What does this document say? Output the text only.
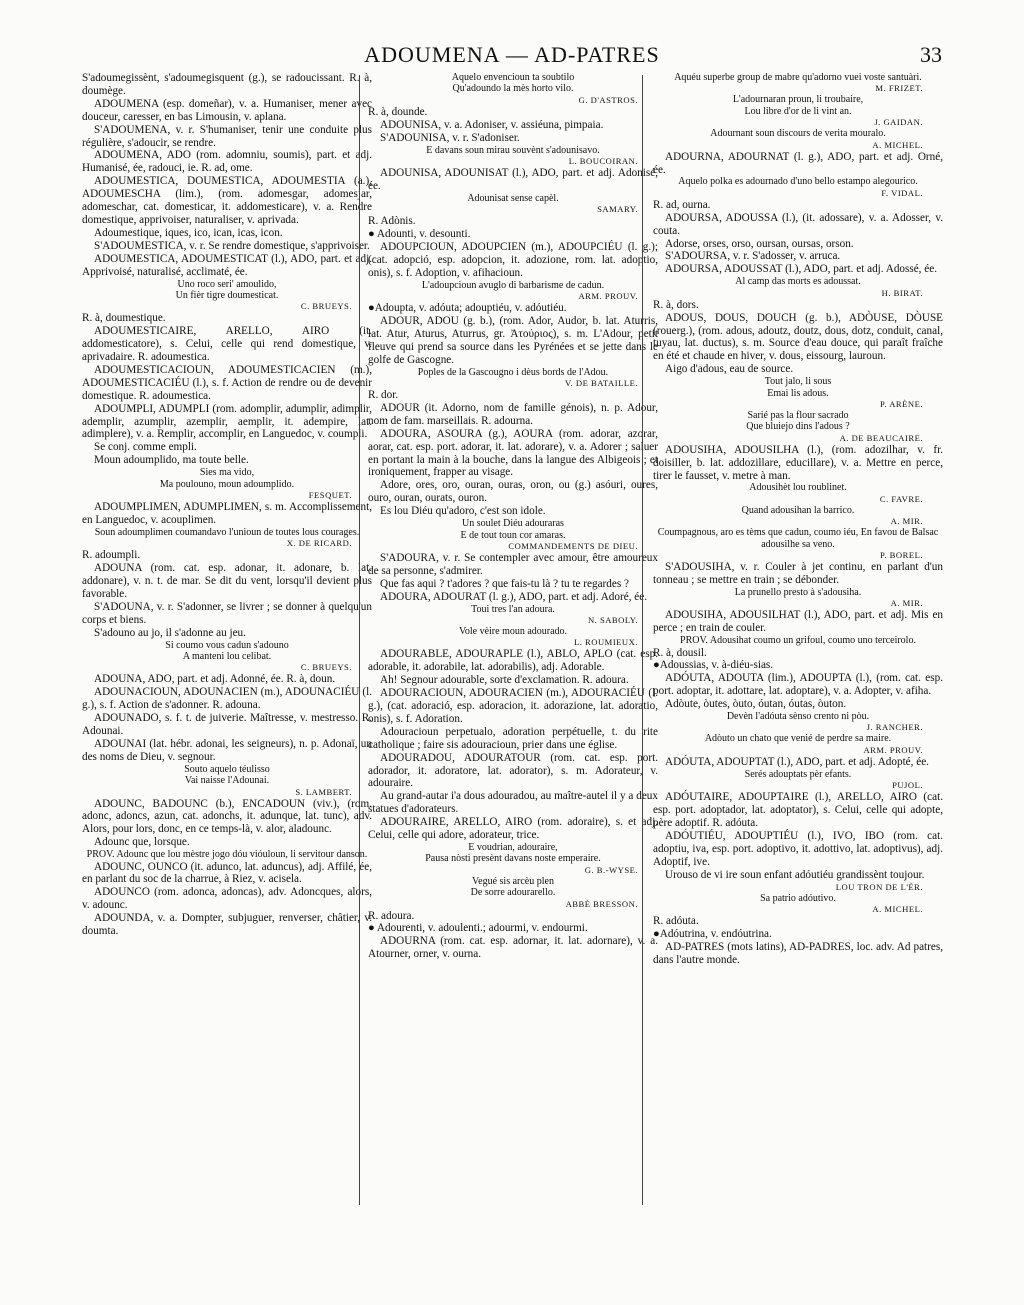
ADOUMENA — AD-PATRES	33

S'adoumegissènt, s'adoumegisquent (g.), se radoucissant. R. à, doumège.

ADOUMENA (esp. domeñar), v. a. Humaniser, mener avec douceur, caresser, en bas Limousin, v. aplana.

S'ADOUMENA, v. r. S'humaniser, tenir une conduite plus régulière, s'adoucir, se rendre.

ADOUMENA, ADO (rom. adomniu, soumis), part. et adj. Humanisé, ée, radouci, ie. R. ad, ome.

ADOUMESTICA, DOUMESTICA, ADOUMESTIA (a.), ADOUMESCHA (lim.), (rom. adomesgar, adomesjar, adomeschar, cat. domesticar, it. addomesticare), v. a. Rendre domestique, apprivoiser, naturaliser, v. aprivada.

Adoumestique, iques, ico, ican, icas, icon.

S'ADOUMESTICA, v. r. Se rendre domestique, s'apprivoiser.

ADOUMESTICA, ADOUMESTICAT (l.), ADO, part. et adj. Apprivoisé, naturalisé, acclimaté, ée.

Uno roco seri' amoulido,

Un fièr tigre doumesticat.

C. BRUEYS.

R. à, doumestique.

ADOUMESTICAIRE, ARELLO, AIRO (it. addomesticatore), s. Celui, celle qui rend domestique, v. aprivadaire. R. adoumestica.

ADOUMESTICACIOUN, ADOUMESTICACIEN (m.), ADOUMESTICACIÉU (l.), s. f. Action de rendre ou de devenir domestique. R. adoumestica.

ADOUMPLI, ADUMPLI (rom. adomplir, adumplir, adimplir, ademplir, azumplir, azemplir, aemplir, it. adempire, lat. adimplere), v. a. Remplir, accomplir, en Languedoc, v. coumpli.

Se conj. comme empli.

Moun adoumplido, ma toute belle.

Sies ma vido,

Ma poulouno, moun adoumplido.

FESQUET.

ADOUMPLIMEN, ADUMPLIMEN, s. m. Accomplissement, en Languedoc, v. acouplimen.

Soun adoumplimen coumandavo l'unioun de toutes lous courages.

X. DE RICARD.

R. adoumpli.

ADOUNA (rom. cat. esp. adonar, it. adonare, b. lat. addonare), v. n. t. de mar. Se dit du vent, lorsqu'il devient plus favorable.

S'ADOUNA, v. r. S'adonner, se livrer ; se donner à quelqu'un corps et biens.

S'adouno au jo, il s'adonne au jeu.

Si coumo vous cadun s'adouno

A manteni lou celibat.

C. BRUEYS.

ADOUNA, ADO, part. et adj. Adonné, ée. R. à, doun.

ADOUNACIOUN, ADOUNACIEN (m.), ADOUNACIÉU (l. g.), s. f. Action de s'adonner. R. adouna.

ADOUNADO, s. f. t. de juiverie. Maîtresse, v. mestresso. R. Adounai.

ADOUNAI (lat. hébr. adonai, les seigneurs), n. p. Adonaï, un des noms de Dieu, v. segnour.

Souto aquelo téulisso

Vai naisse l'Adounai.

S. LAMBERT.

ADOUNC, BADOUNC (b.), ENCADOUN (viv.), (rom. adonc, adoncs, azun, cat. adonchs, it. adunque, lat. tunc), adv. Alors, pour lors, donc, en ce temps-là, v. alor, aladounc.

Adounc que, lorsque.

PROV. Adounc que lou mèstre jogo dóu vióuloun, li servitour danson.

ADOUNC, OUNCO (it. adunco, lat. aduncus), adj. Affilé, ée, en parlant du soc de la charrue, à Riez, v. acisela.

ADOUNCO (rom. adonca, adoncas), adv. Adoncques, alors, v. adounc.

ADOUNDA, v. a. Dompter, subjuguer, renverser, châtier, v. doumta.

Aquelo envencioun ta soubtilo

Qu'adoundo la mès horto vilo.

G. D'ASTROS.

R. à, dounde.

ADOUNISA, v. a. Adoniser, v. assiéuna, pimpaia.

S'ADOUNISA, v. r. S'adoniser.

E davans soun mirau souvènt s'adounisavo.

L. BOUCOIRAN.

ADOUNISA, ADOUNISAT (l.), ADO, part. et adj. Adonisé, ée.

Adounisat sense capèl.

SAMARY.

R. Adònis.

● Adounti, v. desounti.

ADOUPCIOUN, ADOUPCIEN (m.), ADOUPCIÉU (l. g.); (cat. adopció, esp. adopcion, it. adozione, rom. lat. adoptio, onis), s. f. Adoption, v. afihacioun.

L'adoupcioun avuglo di barbarisme de cadun.

ARM. PROUV.

●Adoupta, v. adóuta; adouptiéu, v. adóutiéu.

ADOUR, ADOU (g. b.), (rom. Ador, Audor, b. lat. Aturris, lat. Atur, Aturus, Aturrus, gr. Ἀτούριος), s. m. L'Adour, petit fleuve qui prend sa source dans les Pyrénées et se jette dans le golfe de Gascogne.

Poples de la Gascougno i dèus bords de l'Adou.

V. DE BATAILLE.

R. dor.

ADOUR (it. Adorno, nom de famille génois), n. p. Adour, nom de fam. marseillais. R. adourna.

ADOURA, ASOURA (g.), AOURA (rom. adorar, azorar, aorar, cat. esp. port. adorar, it. lat. adorare), v. a. Adorer ; saluer en portant la main à la bouche, dans la langue des Albigeois ; et ironiquement, frapper au visage.

Adore, ores, oro, ouran, ouras, oron, ou (g.) asóuri, oures, ouro, ouran, ourats, ouron.

Es lou Diéu qu'adoro, c'est son idole.

Un soulet Diéu adouraras

E de tout toun cor amaras.

COMMANDEMENTS DE DIEU.

S'ADOURA, v. r. Se contempler avec amour, être amoureux de sa personne, s'admirer.

Que fas aqui ? t'adores ? que fais-tu là ? tu te regardes ?

ADOURA, ADOURAT (l. g.), ADO, part. et adj. Adoré, ée.

Toui tres l'an adoura.

N. SABOLY.

Vole vèire moun adourado.

L. ROUMIEUX.

ADOURABLE, ADOURAPLE (l.), ABLO, APLO (cat. esp. adorable, it. adorabile, lat. adorabilis), adj. Adorable.

Ah! Segnour adourable, sorte d'exclamation. R. adoura.

ADOURACIOUN, ADOURACIEN (m.), ADOURACIÉU (l. g.), (cat. adoració, esp. adoracion, it. adorazione, lat. adoratio, onis), s. f. Adoration.

Adouracioun perpetualo, adoration perpétuelle, t. du rite catholique ; faire sis adouracioun, prier dans une église.

ADOURADOU, ADOURATOUR (rom. cat. esp. port. adorador, it. adoratore, lat. adorator), s. m. Adorateur, v. adouraire.

Au grand-autar i'a dous adouradou, au maître-autel il y a deux statues d'adorateurs.

ADOURAIRE, ARELLO, AIRO (rom. adoraire), s. et adj. Celui, celle qui adore, adorateur, trice.

E voudrian, adouraire,

Pausa nòsti presènt davans noste emperaire.

G. B.-WYSE.

Vegué sis arcèu plen

De sorre adourarello.

ABBÉ BRESSON.

R. adoura.

● Adourenti, v. adoulenti.; adourmi, v. endourmi.

ADOURNA (rom. cat. esp. adornar, it. lat. adornare), v. a. Atourner, orner, v. ourna.

Aquéu superbe group de mabre qu'adorno vuei voste santuàri.

M. FRIZET.

L'adournaran proun, li troubaire,

Lou libre d'or de li vint an.

J. GAIDAN.

Adournant soun discours de verita mouralo.

A. MICHEL.

ADOURNA, ADOURNAT (l. g.), ADO, part. et adj. Orné, ée.

Aquelo polka es adournado d'uno bello estampo alegourico.

F. VIDAL.

R. ad, ourna.

ADOURSA, ADOUSSA (l.), (it. adossare), v. a. Adosser, v. couta.

Adorse, orses, orso, oursan, oursas, orson.

S'ADOURSA, v. r. S'adosser, v. arruca.

ADOURSA, ADOUSSAT (l.), ADO, part. et adj. Adossé, ée.

Al camp das morts es adoussat.

H. BIRAT.

R. à, dors.

ADOUS, DOUS, DOUCH (g. b.), ADÒUSE, DÒUSE (rouerg.), (rom. adous, adoutz, doutz, dous, dotz, conduit, canal, tuyau, lat. ductus), s. m. Source d'eau douce, qui paraît fraîche en été et chaude en hiver, v. dous, eissourg, lauroun.

Aigo d'adous, eau de source.

Tout jalo, li sous

Emai lis adous.

P. ARÈNE.

Sarié pas la flour sacrado

Que bluiejo dins l'adous ?

A. DE BEAUCAIRE.

ADOUSIHA, ADOUSILHA (l.), (rom. adozilhar, v. fr. doisiller, b. lat. addozillare, educillare), v. a. Mettre en perce, tirer le fausset, v. metre à man.

Adousihèt lou roublinet.

C. FAVRE.

Quand adousihan la barrico.

A. MIR.

Coumpagnous, aro es tèms que cadun, coumo iéu, En favou de Balsac adousilhe sa veno.

P. BOREL.

S'ADOUSIHA, v. r. Couler à jet continu, en parlant d'un tonneau ; se mettre en train ; se débonder.

La prunello presto à s'adousiha.

A. MIR.

ADOUSIHA, ADOUSILHAT (l.), ADO, part. et adj. Mis en perce ; en train de couler.

PROV. Adousihat coumo un grifoul, coumo uno terceirolo.

R. à, dousil.

●Adoussias, v. à-diéu-sias.

ADÓUTA, ADOUTA (lim.), ADOUPTA (l.), (rom. cat. esp. port. adoptar, it. adottare, lat. adoptare), v. a. Adopter, v. afiha.

Adòute, òutes, òuto, óutan, óutas, òuton.

Devèn l'adóuta sènso crento ni pòu.

J. RANCHER.

Adòuto un chato que venié de perdre sa maire.

ARM. PROUV.

ADÓUTA, ADOUPTAT (l.), ADO, part. et adj. Adopté, ée.

Serés adouptats pèr efants.

PUJOL.

ADÓUTAIRE, ADOUPTAIRE (l.), ARELLO, AIRO (cat. esp. port. adoptador, lat. adoptator), s. Celui, celle qui adopte, père adoptif. R. adóuta.

ADÓUTIÉU, ADOUPTIÉU (l.), IVO, IBO (rom. cat. adoptiu, iva, esp. port. adoptivo, it. adottivo, lat. adoptivus), adj. Adoptif, ive.

Urouso de vi ire soun enfant adóutiéu grandissènt toujour.

LOU TRON DE L'ÈR.

Sa patrio adóutivo.

A. MICHEL.

R. adóuta.

●Adóutrina, v. endóutrina.

AD-PATRES (mots latins), AD-PADRES, loc. adv. Ad patres, dans l'autre monde.
